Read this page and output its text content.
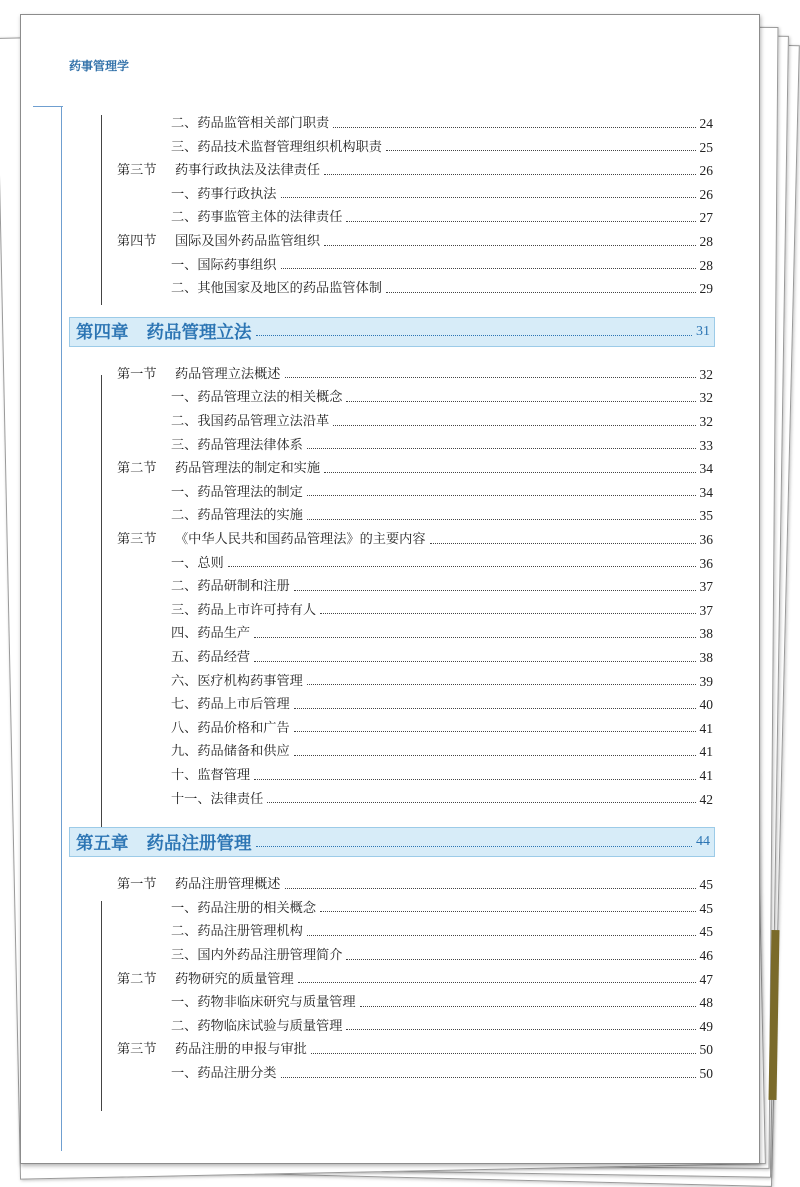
药事管理学
二、药品监管相关部门职责	24
三、药品技术监督管理组织机构职责	25
第三节	药事行政执法及法律责任	26
一、药事行政执法	26
二、药事监管主体的法律责任	27
第四节	国际及国外药品监管组织	28
一、国际药事组织	28
二、其他国家及地区的药品监管体制	29
第四章 药品管理立法	31
第一节	药品管理立法概述	32
一、药品管理立法的相关概念	32
二、我国药品管理立法沿革	32
三、药品管理法律体系	33
第二节	药品管理法的制定和实施	34
一、药品管理法的制定	34
二、药品管理法的实施	35
第三节	《中华人民共和国药品管理法》的主要内容	36
一、总则	36
二、药品研制和注册	37
三、药品上市许可持有人	37
四、药品生产	38
五、药品经营	38
六、医疗机构药事管理	39
七、药品上市后管理	40
八、药品价格和广告	41
九、药品储备和供应	41
十、监督管理	41
十一、法律责任	42
第五章 药品注册管理	44
第一节	药品注册管理概述	45
一、药品注册的相关概念	45
二、药品注册管理机构	45
三、国内外药品注册管理简介	46
第二节	药物研究的质量管理	47
一、药物非临床研究与质量管理	48
二、药物临床试验与质量管理	49
第三节	药品注册的申报与审批	50
一、药品注册分类	50
